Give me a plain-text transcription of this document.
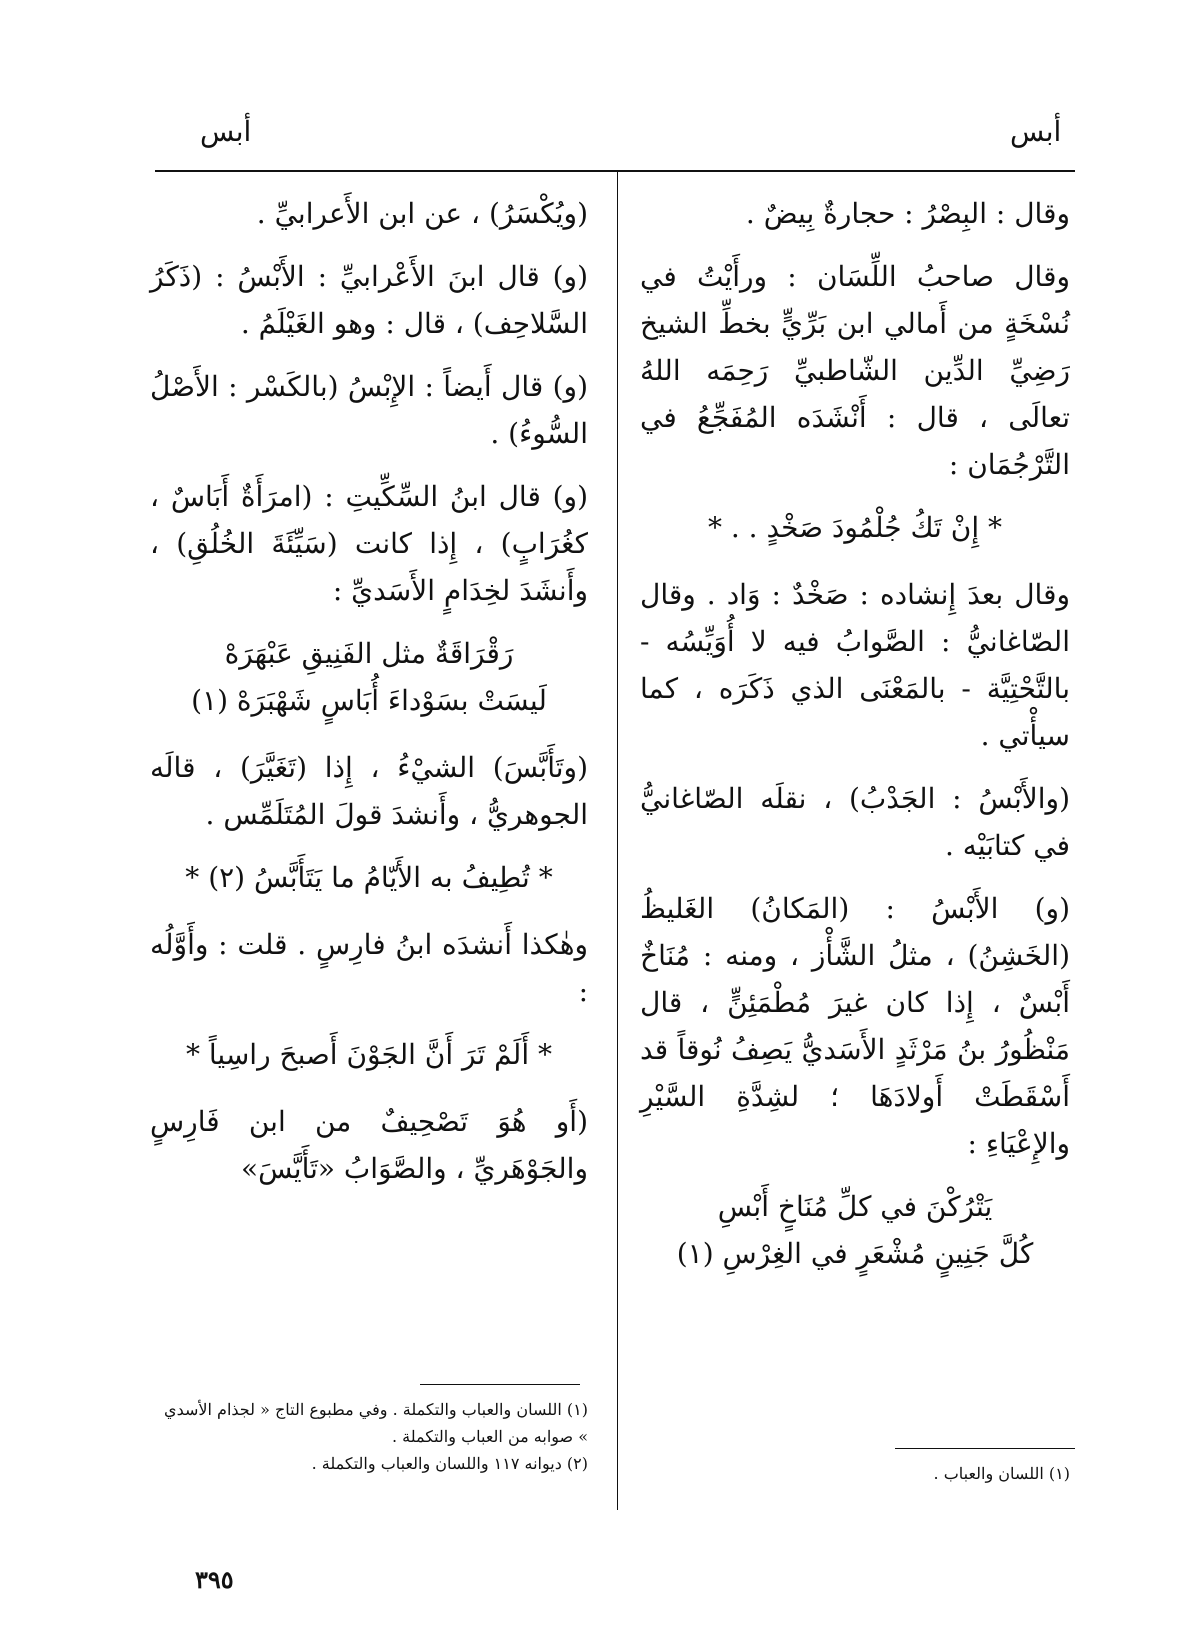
أبس
أبس

وقال : البِصْرُ : حجارةٌ بِيضٌ .

وقال صاحبُ اللِّسَان : ورأَيْتُ في نُسْخَةٍ من أَمالي ابن بَرِّيٍّ بخطِّ الشيخ رَضِيِّ الدِّين الشّاطبيِّ رَحِمَه اللهُ تعالَى ، قال : أَنْشَدَه المُفَجِّعُ في التَّرْجُمَان :

* إِنْ تَكُ جُلْمُودَ صَخْدٍ . . *

وقال بعدَ إِنشاده : صَخْدٌ : وَاد . وقال الصّاغانيُّ : الصَّوابُ فيه لا أُوَيِّسُه - بالتَّحْتِيَّة - بالمَعْنَى الذي ذَكَرَه ، كما سيأْتي .

(والأَبْسُ : الجَدْبُ) ، نقلَه الصّاغانيُّ في كتابَيْه .

(و) الأَبْسُ : (المَكانُ) الغَليظُ (الخَشِنُ) ، مثلُ الشَّأْز ، ومنه : مُنَاخٌ أَبْسٌ ، إِذا كان غيرَ مُطْمَئِنٍّ ، قال مَنْظُورُ بنُ مَرْثَدٍ الأَسَديُّ يَصِفُ نُوقاً قد أَسْقَطَتْ أَولادَهَا ؛ لشِدَّةِ السَّيْرِ والإِعْيَاءِ :

يَتْرُكْنَ في كلِّ مُنَاخٍ أَبْسِ
كُلَّ جَنِينٍ مُشْعَرٍ في الغِرْسِ (١)

(ويُكْسَرُ) ، عن ابن الأَعرابيِّ .

(و) قال ابنَ الأَعْرابيِّ : الأَبْسُ : (ذَكَرُ السَّلاحِف) ، قال : وهو الغَيْلَمُ .

(و) قال أَيضاً : الإِبْسُ (بالكَسْر : الأَصْلُ السُّوءُ) .

(و) قال ابنُ السِّكِّيتِ : (امرَأَةٌ أَبَاسٌ ، كغُرَابٍ) ، إِذا كانت (سَيِّئَةَ الخُلُقِ) ، وأَنشَدَ لخِدَامٍ الأَسَديِّ :

رَقْرَاقَةٌ مثل الفَنِيقِ عَبْهَرَهْ
لَيسَتْ بسَوْداءَ أُبَاسٍ شَهْبَرَهْ (١)

(وتَأَبَّسَ) الشيْءُ ، إِذا (تَغَيَّرَ) ، قالَه الجوهريُّ ، وأَنشدَ قولَ المُتَلَمِّس .

* تُطِيفُ به الأَيّامُ ما يَتَأَبَّسُ (٢) *

وهٰكذا أَنشدَه ابنُ فارِسٍ . قلت : وأَوَّلُه :

* أَلَمْ تَرَ أَنَّ الجَوْنَ أَصبحَ راسِياً *

(أَو هُوَ تَصْحِيفٌ من ابن فَارِسٍ والجَوْهَريِّ ، والصَّوَابُ «تَأَيَّسَ»

(١) اللسان والعباب .

(١) اللسان والعباب والتكملة . وفي مطبوع التاج « لجذام الأسدي » صوابه من العباب والتكملة .

(٢) ديوانه ١١٧ واللسان والعباب والتكملة .

٣٩٥
